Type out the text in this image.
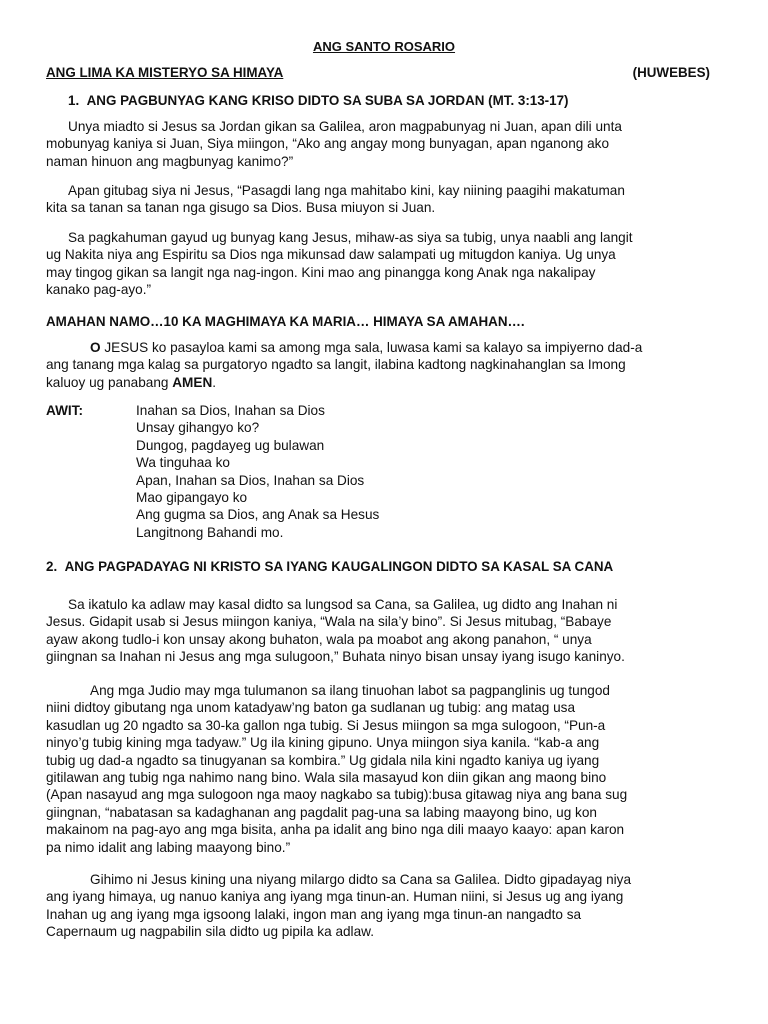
ANG SANTO ROSARIO
ANG LIMA KA MISTERYO SA HIMAYA	(HUWEBES)
1. ANG PAGBUNYAG KANG KRISO DIDTO SA SUBA SA JORDAN (MT. 3:13-17)
Unya miadto si Jesus sa Jordan gikan sa Galilea, aron magpabunyag ni Juan, apan dili unta
mobunyag kaniya si Juan, Siya miingon, “Ako ang angay mong bunyagan, apan nganong ako
naman hinuon ang magbunyag kanimo?”
Apan gitubag siya ni Jesus, “Pasagdi lang nga mahitabo kini, kay niining paagihi makatuman
kita sa tanan sa tanan nga gisugo sa Dios. Busa miuyon si Juan.
Sa pagkahuman gayud ug bunyag kang Jesus, mihaw-as siya sa tubig, unya naabli ang langit
ug Nakita niya ang Espiritu sa Dios nga mikunsad daw salampati ug mitugdon kaniya. Ug unya
may tingog gikan sa langit nga nag-ingon. Kini mao ang pinangga kong Anak nga nakalipay
kanako pag-ayo.”
AMAHAN NAMO…10 KA MAGHIMAYA KA MARIA… HIMAYA SA AMAHAN….
O JESUS ko pasayloa kami sa among mga sala, luwasa kami sa kalayo sa impiyerno dad-a
ang tanang mga kalag sa purgatoryo ngadto sa langit, ilabina kadtong nagkinahanglan sa Imong
kaluoy ug panabang AMEN.
AWIT:	Inahan sa Dios, Inahan sa Dios
Unsay gihangyo ko?
Dungog, pagdayeg ug bulawan
Wa tinguhaa ko
Apan, Inahan sa Dios, Inahan sa Dios
Mao gipangayo ko
Ang gugma sa Dios, ang Anak sa Hesus
Langitnong Bahandi mo.
2. ANG PAGPADAYAG NI KRISTO SA IYANG KAUGALINGON DIDTO SA KASAL SA CANA
Sa ikatulo ka adlaw may kasal didto sa lungsod sa Cana, sa Galilea, ug didto ang Inahan ni
Jesus. Gidapit usab si Jesus miingon kaniya, “Wala na sila’y bino”. Si Jesus mitubag, “Babaye
ayaw akong tudlo-i kon unsay akong buhaton, wala pa moabot ang akong panahon, “ unya
giingnan sa Inahan ni Jesus ang mga sulugoon,” Buhata ninyo bisan unsay iyang isugo kaninyo.
Ang mga Judio may mga tulumanon sa ilang tinuohan labot sa pagpanglinis ug tungod
niini didtoy gibutang nga unom katadyaw’ng baton ga sudlanan ug tubig: ang matag usa
kasudlan ug 20 ngadto sa 30-ka gallon nga tubig. Si Jesus miingon sa mga sulogoon, “Pun-a
ninyo’g tubig kining mga tadyaw.” Ug ila kining gipuno. Unya miingon siya kanila. “kab-a ang
tubig ug dad-a ngadto sa tinugyanan sa kombira.” Ug gidala nila kini ngadto kaniya ug iyang
gitilawan ang tubig nga nahimo nang bino. Wala sila masayud kon diin gikan ang maong bino
(Apan nasayud ang mga sulogoon nga maoy nagkabo sa tubig):busa gitawag niya ang bana sug
giingnan, “nabatasan sa kadaghanan ang pagdalit pag-una sa labing maayong bino, ug kon
makainom na pag-ayo ang mga bisita, anha pa idalit ang bino nga dili maayo kaayo: apan karon
pa nimo idalit ang labing maayong bino.”
Gihimo ni Jesus kining una niyang milargo didto sa Cana sa Galilea. Didto gipadayag niya
ang iyang himaya, ug nanuo kaniya ang iyang mga tinun-an. Human niini, si Jesus ug ang iyang
Inahan ug ang iyang mga igsoong lalaki, ingon man ang iyang mga tinun-an nangadto sa
Capernaum ug nagpabilin sila didto ug pipila ka adlaw.
